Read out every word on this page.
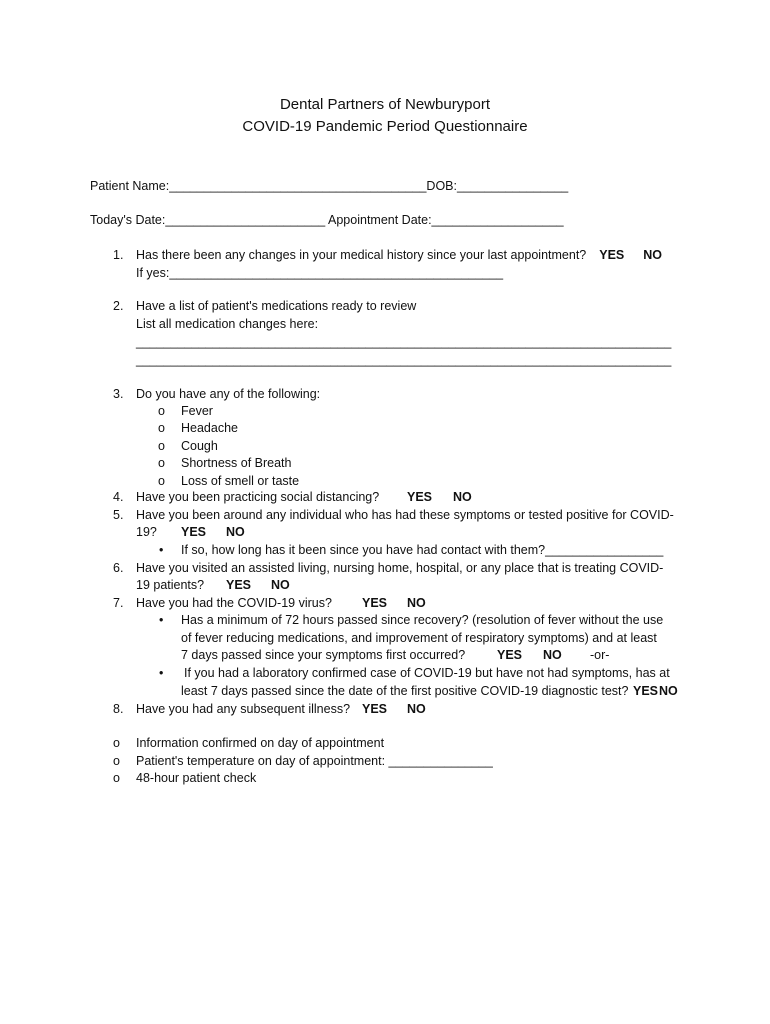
Dental Partners of Newburyport
COVID-19 Pandemic Period Questionnaire
Patient Name:_____________________________________DOB:________________
Today's Date:_______________________ Appointment Date:___________________
1. Has there been any changes in your medical history since your last appointment? YES NO
If yes:________________________________________________
2. Have a list of patient's medications ready to review
List all medication changes here:
_____________________________________________________________________________
_____________________________________________________________________________
3. Do you have any of the following:
o Fever
o Headache
o Cough
o Shortness of Breath
o Loss of smell or taste
4. Have you been practicing social distancing? YES NO
5. Have you been around any individual who has had these symptoms or tested positive for COVID-
19? YES NO
• If so, how long has it been since you have had contact with them?_________________
6. Have you visited an assisted living, nursing home, hospital, or any place that is treating COVID-
19 patients? YES NO
7. Have you had the COVID-19 virus? YES NO
• Has a minimum of 72 hours passed since recovery? (resolution of fever without the use
of fever reducing medications, and improvement of respiratory symptoms) and at least
7 days passed since your symptoms first occurred?	YES NO -or-
• If you had a laboratory confirmed case of COVID-19 but have not had symptoms, has at
least 7 days passed since the date of the first positive COVID-19 diagnostic test? YES NO
8. Have you had any subsequent illness? YES NO
o Information confirmed on day of appointment
o Patient's temperature on day of appointment: _______________
o 48-hour patient check
